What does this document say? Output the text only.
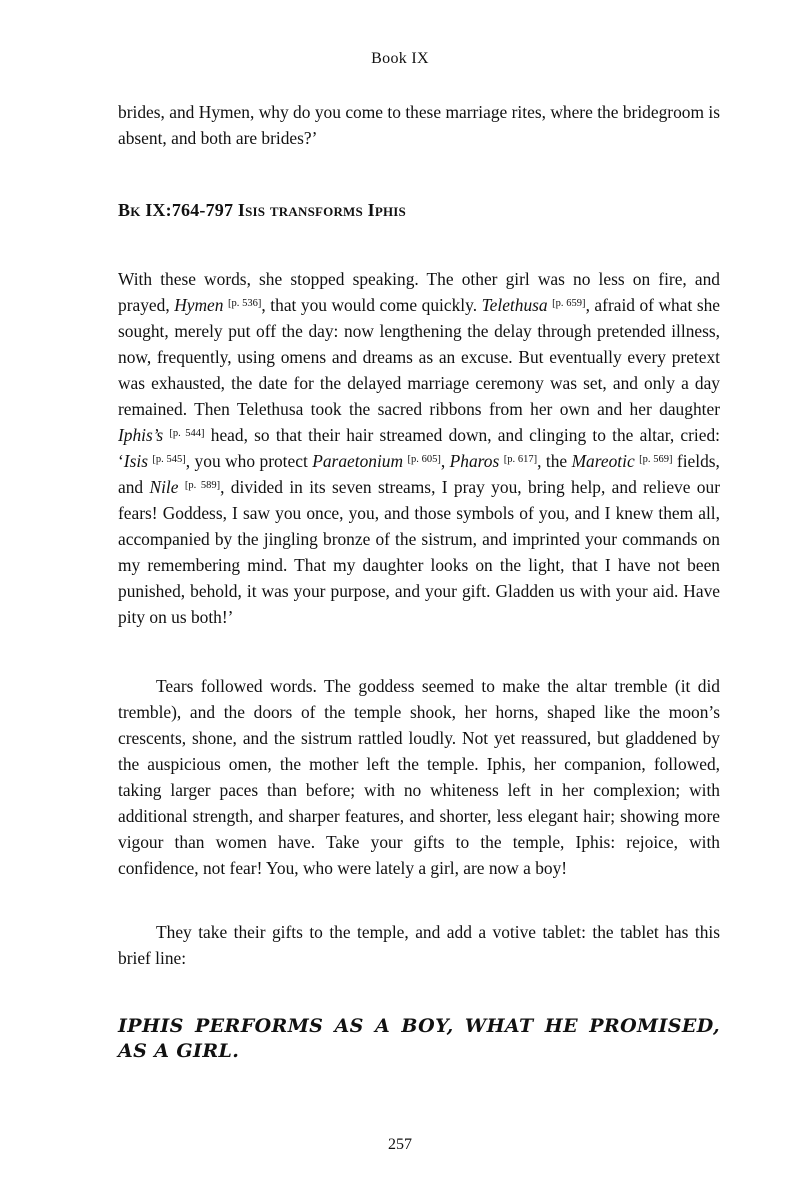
Book IX

brides, and Hymen, why do you come to these marriage rites, where the bridegroom is absent, and both are brides?’

Bk IX:764-797 Isis transforms Iphis

With these words, she stopped speaking. The other girl was no less on fire, and prayed, Hymen [p. 536], that you would come quickly. Telethusa [p. 659], afraid of what she sought, merely put off the day: now lengthening the delay through pretended illness, now, frequently, using omens and dreams as an excuse. But eventually every pretext was exhausted, the date for the delayed marriage ceremony was set, and only a day remained. Then Telethusa took the sacred ribbons from her own and her daughter Iphis’s [p. 544] head, so that their hair streamed down, and clinging to the altar, cried: ‘Isis [p. 545], you who protect Paraetonium [p. 605], Pharos [p. 617], the Mareotic [p. 569] fields, and Nile [p. 589], divided in its seven streams, I pray you, bring help, and relieve our fears! Goddess, I saw you once, you, and those symbols of you, and I knew them all, accompanied by the jingling bronze of the sistrum, and imprinted your commands on my remembering mind. That my daughter looks on the light, that I have not been punished, behold, it was your purpose, and your gift. Gladden us with your aid. Have pity on us both!’

Tears followed words. The goddess seemed to make the altar tremble (it did tremble), and the doors of the temple shook, her horns, shaped like the moon’s crescents, shone, and the sistrum rattled loudly. Not yet reassured, but gladdened by the auspicious omen, the mother left the temple. Iphis, her companion, followed, taking larger paces than before; with no whiteness left in her complexion; with additional strength, and sharper features, and shorter, less elegant hair; showing more vigour than women have. Take your gifts to the temple, Iphis: rejoice, with confidence, not fear! You, who were lately a girl, are now a boy!

They take their gifts to the temple, and add a votive tablet: the tablet has this brief line:

IPHIS PERFORMS AS A BOY, WHAT HE PROMISED, AS A GIRL.

257
